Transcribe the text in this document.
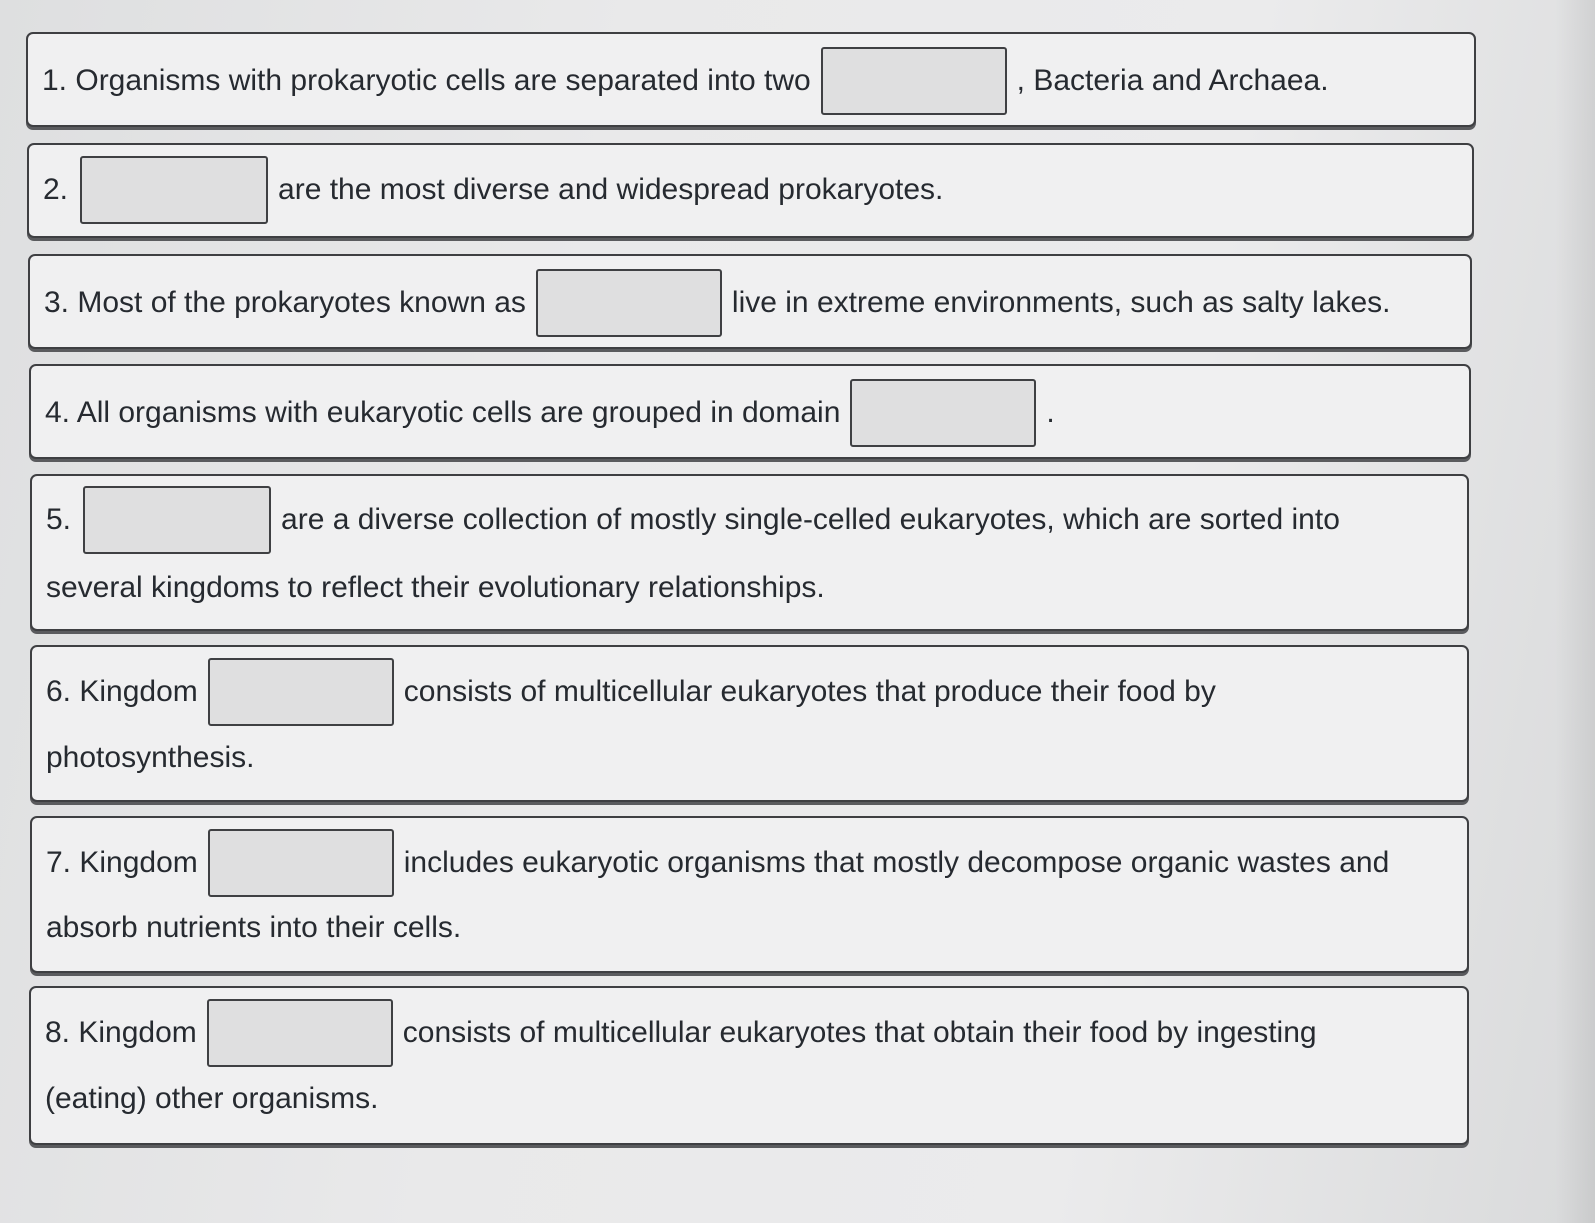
1. Organisms with prokaryotic cells are separated into two	, Bacteria and Archaea.
2.	are the most diverse and widespread prokaryotes.
3. Most of the prokaryotes known as	live in extreme environments, such as salty lakes.
4. All organisms with eukaryotic cells are grouped in domain	.
5.	are a diverse collection of mostly single-celled eukaryotes, which are sorted into
several kingdoms to reflect their evolutionary relationships.
6. Kingdom	consists of multicellular eukaryotes that produce their food by
photosynthesis.
7. Kingdom	includes eukaryotic organisms that mostly decompose organic wastes and
absorb nutrients into their cells.
8. Kingdom	consists of multicellular eukaryotes that obtain their food by ingesting
(eating) other organisms.
